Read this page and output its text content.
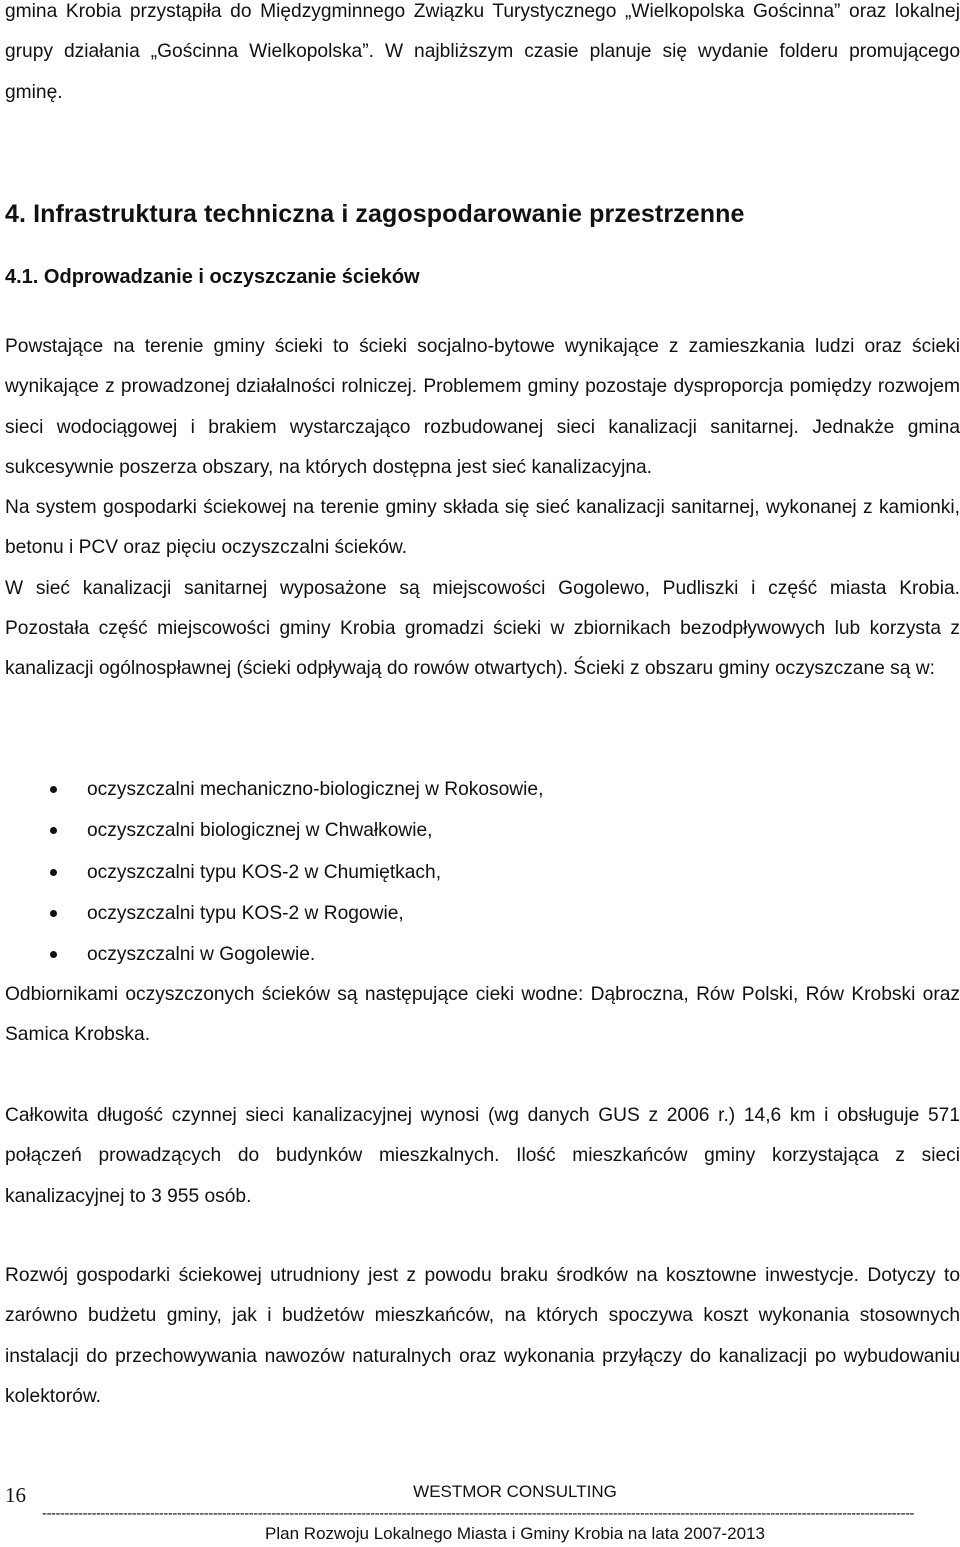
gmina Krobia przystąpiła do Międzygminnego Związku Turystycznego „Wielkopolska Gościnna” oraz lokalnej grupy działania „Gościnna Wielkopolska”. W najbliższym czasie planuje się wydanie folderu promującego gminę.

4. Infrastruktura techniczna i zagospodarowanie przestrzenne
4.1. Odprowadzanie i oczyszczanie ścieków

Powstające na terenie gminy ścieki to ścieki socjalno-bytowe wynikające z zamieszkania ludzi oraz ścieki wynikające z prowadzonej działalności rolniczej. Problemem gminy pozostaje dysproporcja pomiędzy rozwojem sieci wodociągowej i brakiem wystarczająco rozbudowanej sieci kanalizacji sanitarnej. Jednakże gmina sukcesywnie poszerza obszary, na których dostępna jest sieć kanalizacyjna.

Na system gospodarki ściekowej na terenie gminy składa się sieć kanalizacji sanitarnej, wykonanej z kamionki, betonu i PCV oraz pięciu oczyszczalni ścieków.

W sieć kanalizacji sanitarnej wyposażone są miejscowości Gogolewo, Pudliszki i część miasta Krobia. Pozostała część miejscowości gminy Krobia gromadzi ścieki w zbiornikach bezodpływowych lub korzysta z kanalizacji ogólnospławnej (ścieki odpływają do rowów otwartych). Ścieki z obszaru gminy oczyszczane są w:

oczyszczalni mechaniczno-biologicznej w Rokosowie,
oczyszczalni biologicznej w Chwałkowie,
oczyszczalni typu KOS-2 w Chumiętkach,
oczyszczalni typu KOS-2 w Rogowie,
oczyszczalni w Gogolewie.

Odbiornikami oczyszczonych ścieków są następujące cieki wodne: Dąbroczna, Rów Polski, Rów Krobski oraz Samica Krobska.

Całkowita długość czynnej sieci kanalizacyjnej wynosi (wg danych GUS z 2006 r.) 14,6 km i obsługuje 571 połączeń prowadzących do budynków mieszkalnych. Ilość mieszkańców gminy korzystająca z sieci kanalizacyjnej to 3 955 osób.

Rozwój gospodarki ściekowej utrudniony jest z powodu braku środków na kosztowne inwestycje. Dotyczy to zarówno budżetu gminy, jak i budżetów mieszkańców, na których spoczywa koszt wykonania stosownych instalacji do przechowywania nawozów naturalnych oraz wykonania przyłączy do kanalizacji po wybudowaniu kolektorów.

16	WESTMOR CONSULTING
--------------------------------------------------------------------------------------------------------------------------------------------------------------------------------------------------
Plan Rozwoju Lokalnego Miasta i Gminy Krobia na lata 2007-2013
